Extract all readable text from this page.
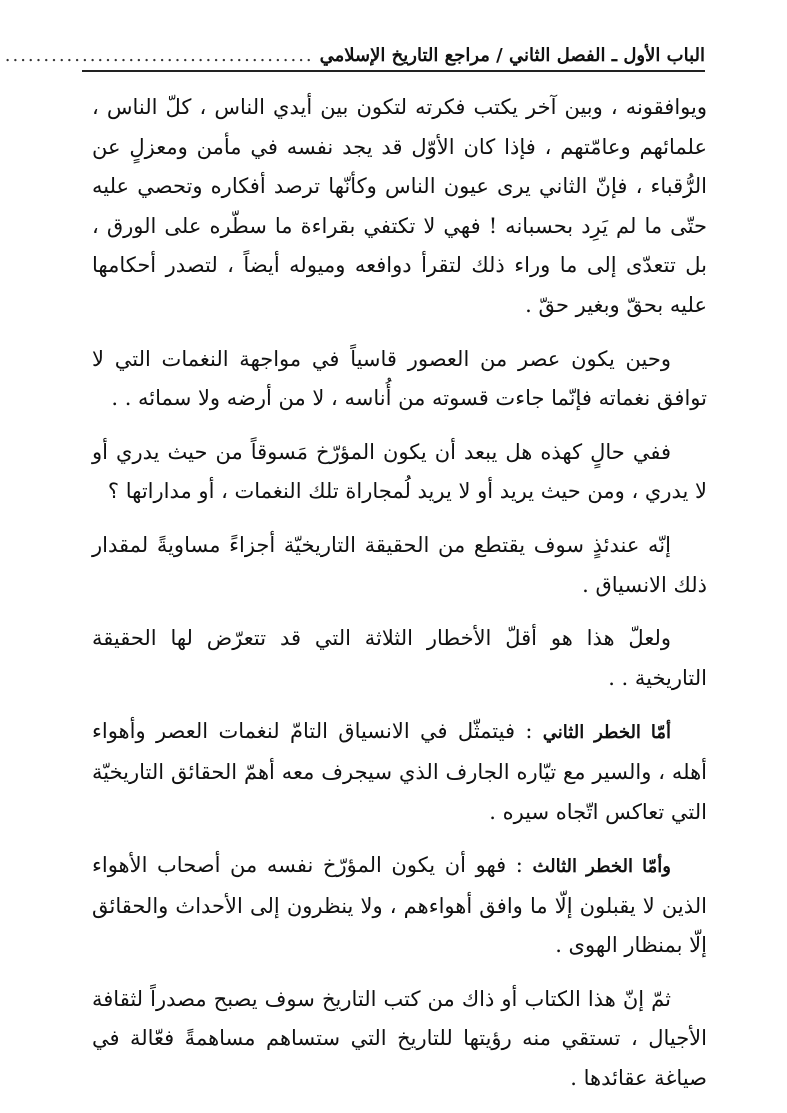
الباب الأول ـ الفصل الثاني / مراجع التاريخ الإسلامي
........................................

ويوافقونه ، وبين آخر يكتب فكرته لتكون بين أيدي الناس ، كلّ الناس ، علمائهم وعامّتهم ، فإذا كان الأوّل قد يجد نفسه في مأمن ومعزلٍ عن الرُّقباء ، فإنّ الثاني يرى عيون الناس وكأنّها ترصد أفكاره وتحصي عليه حتّى ما لم يَرِد بحسبانه ! فهي لا تكتفي بقراءة ما سطّره على الورق ، بل تتعدّى إلى ما وراء ذلك لتقرأ دوافعه وميوله أيضاً ، لتصدر أحكامها عليه بحقّ وبغير حقّ .

وحين يكون عصر من العصور قاسياً في مواجهة النغمات التي لا توافق نغماته فإنّما جاءت قسوته من أُناسه ، لا من أرضه ولا سمائه . .

ففي حالٍ كهذه هل يبعد أن يكون المؤرّخ مَسوقاً من حيث يدري أو لا يدري ، ومن حيث يريد أو لا يريد لُمجاراة تلك النغمات ، أو مداراتها ؟

إنّه عندئذٍ سوف يقتطع من الحقيقة التاريخيّة أجزاءً مساويةً لمقدار ذلك الانسياق .

ولعلّ هذا هو أقلّ الأخطار الثلاثة التي قد تتعرّض لها الحقيقة التاريخية . .

أمّا الخطر الثاني : فيتمثّل في الانسياق التامّ لنغمات العصر وأهواء أهله ، والسير مع تيّاره الجارف الذي سيجرف معه أهمّ الحقائق التاريخيّة التي تعاكس اتّجاه سيره .

وأمّا الخطر الثالث : فهو أن يكون المؤرّخ نفسه من أصحاب الأهواء الذين لا يقبلون إلّا ما وافق أهواءهم ، ولا ينظرون إلى الأحداث والحقائق إلّا بمنظار الهوى .

ثمّ إنّ هذا الكتاب أو ذاك من كتب التاريخ سوف يصبح مصدراً لثقافة الأجيال ، تستقي منه رؤيتها للتاريخ التي ستساهم مساهمةً فعّالة في صياغة عقائدها .
